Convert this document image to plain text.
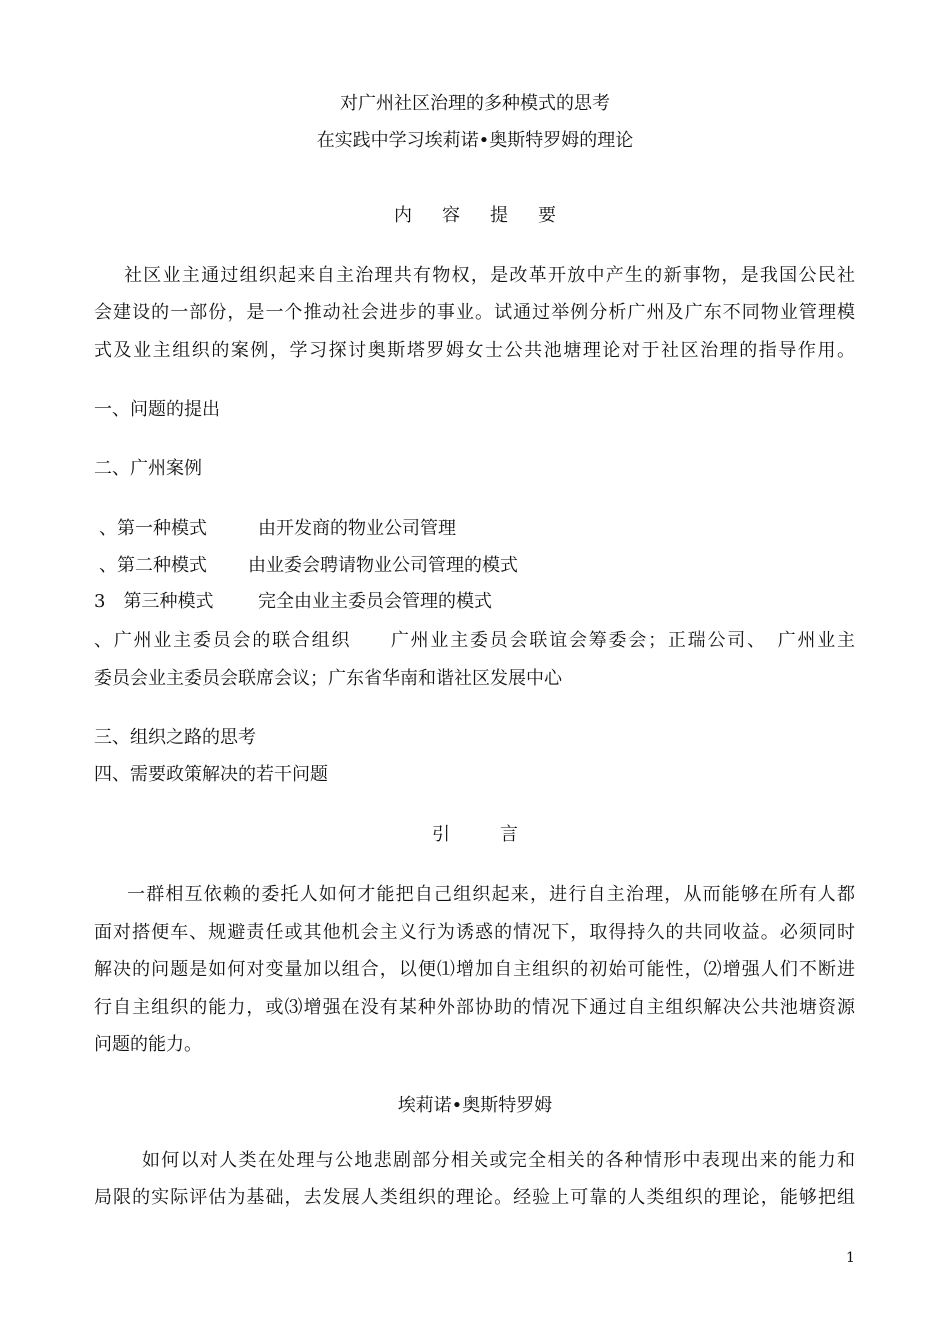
对广州社区治理的多种模式的思考
在实践中学习埃莉诺•奥斯特罗姆的理论
内容提要
社区业主通过组织起来自主治理共有物权，是改革开放中产生的新事物，是我国公民社
会建设的一部份，是一个推动社会进步的事业。试通过举例分析广州及广东不同物业管理模
式及业主组织的案例，学习探讨奥斯塔罗姆女士公共池塘理论对于社区治理的指导作用。
一、问题的提出
二、广州案例
、第一种模式	由开发商的物业公司管理
、第二种模式 由业委会聘请物业公司管理的模式
3　第三种模式 完全由业主委员会管理的模式
、广州业主委员会的联合组织　　广州业主委员会联谊会筹委会；正瑞公司、　广州业主
委员会业主委员会联席会议；广东省华南和谐社区发展中心
三、组织之路的思考
四、需要政策解决的若干问题
引言
一群相互依赖的委托人如何才能把自己组织起来，进行自主治理，从而能够在所有人都
面对搭便车、规避责任或其他机会主义行为诱惑的情况下，取得持久的共同收益。必须同时
解决的问题是如何对变量加以组合，以便⑴增加自主组织的初始可能性，⑵增强人们不断进
行自主组织的能力，或⑶增强在没有某种外部协助的情况下通过自主组织解决公共池塘资源
问题的能力。
埃莉诺•奥斯特罗姆
如何以对人类在处理与公地悲剧部分相关或完全相关的各种情形中表现出来的能力和
局限的实际评估为基础，去发展人类组织的理论。经验上可靠的人类组织的理论，能够把组
1
